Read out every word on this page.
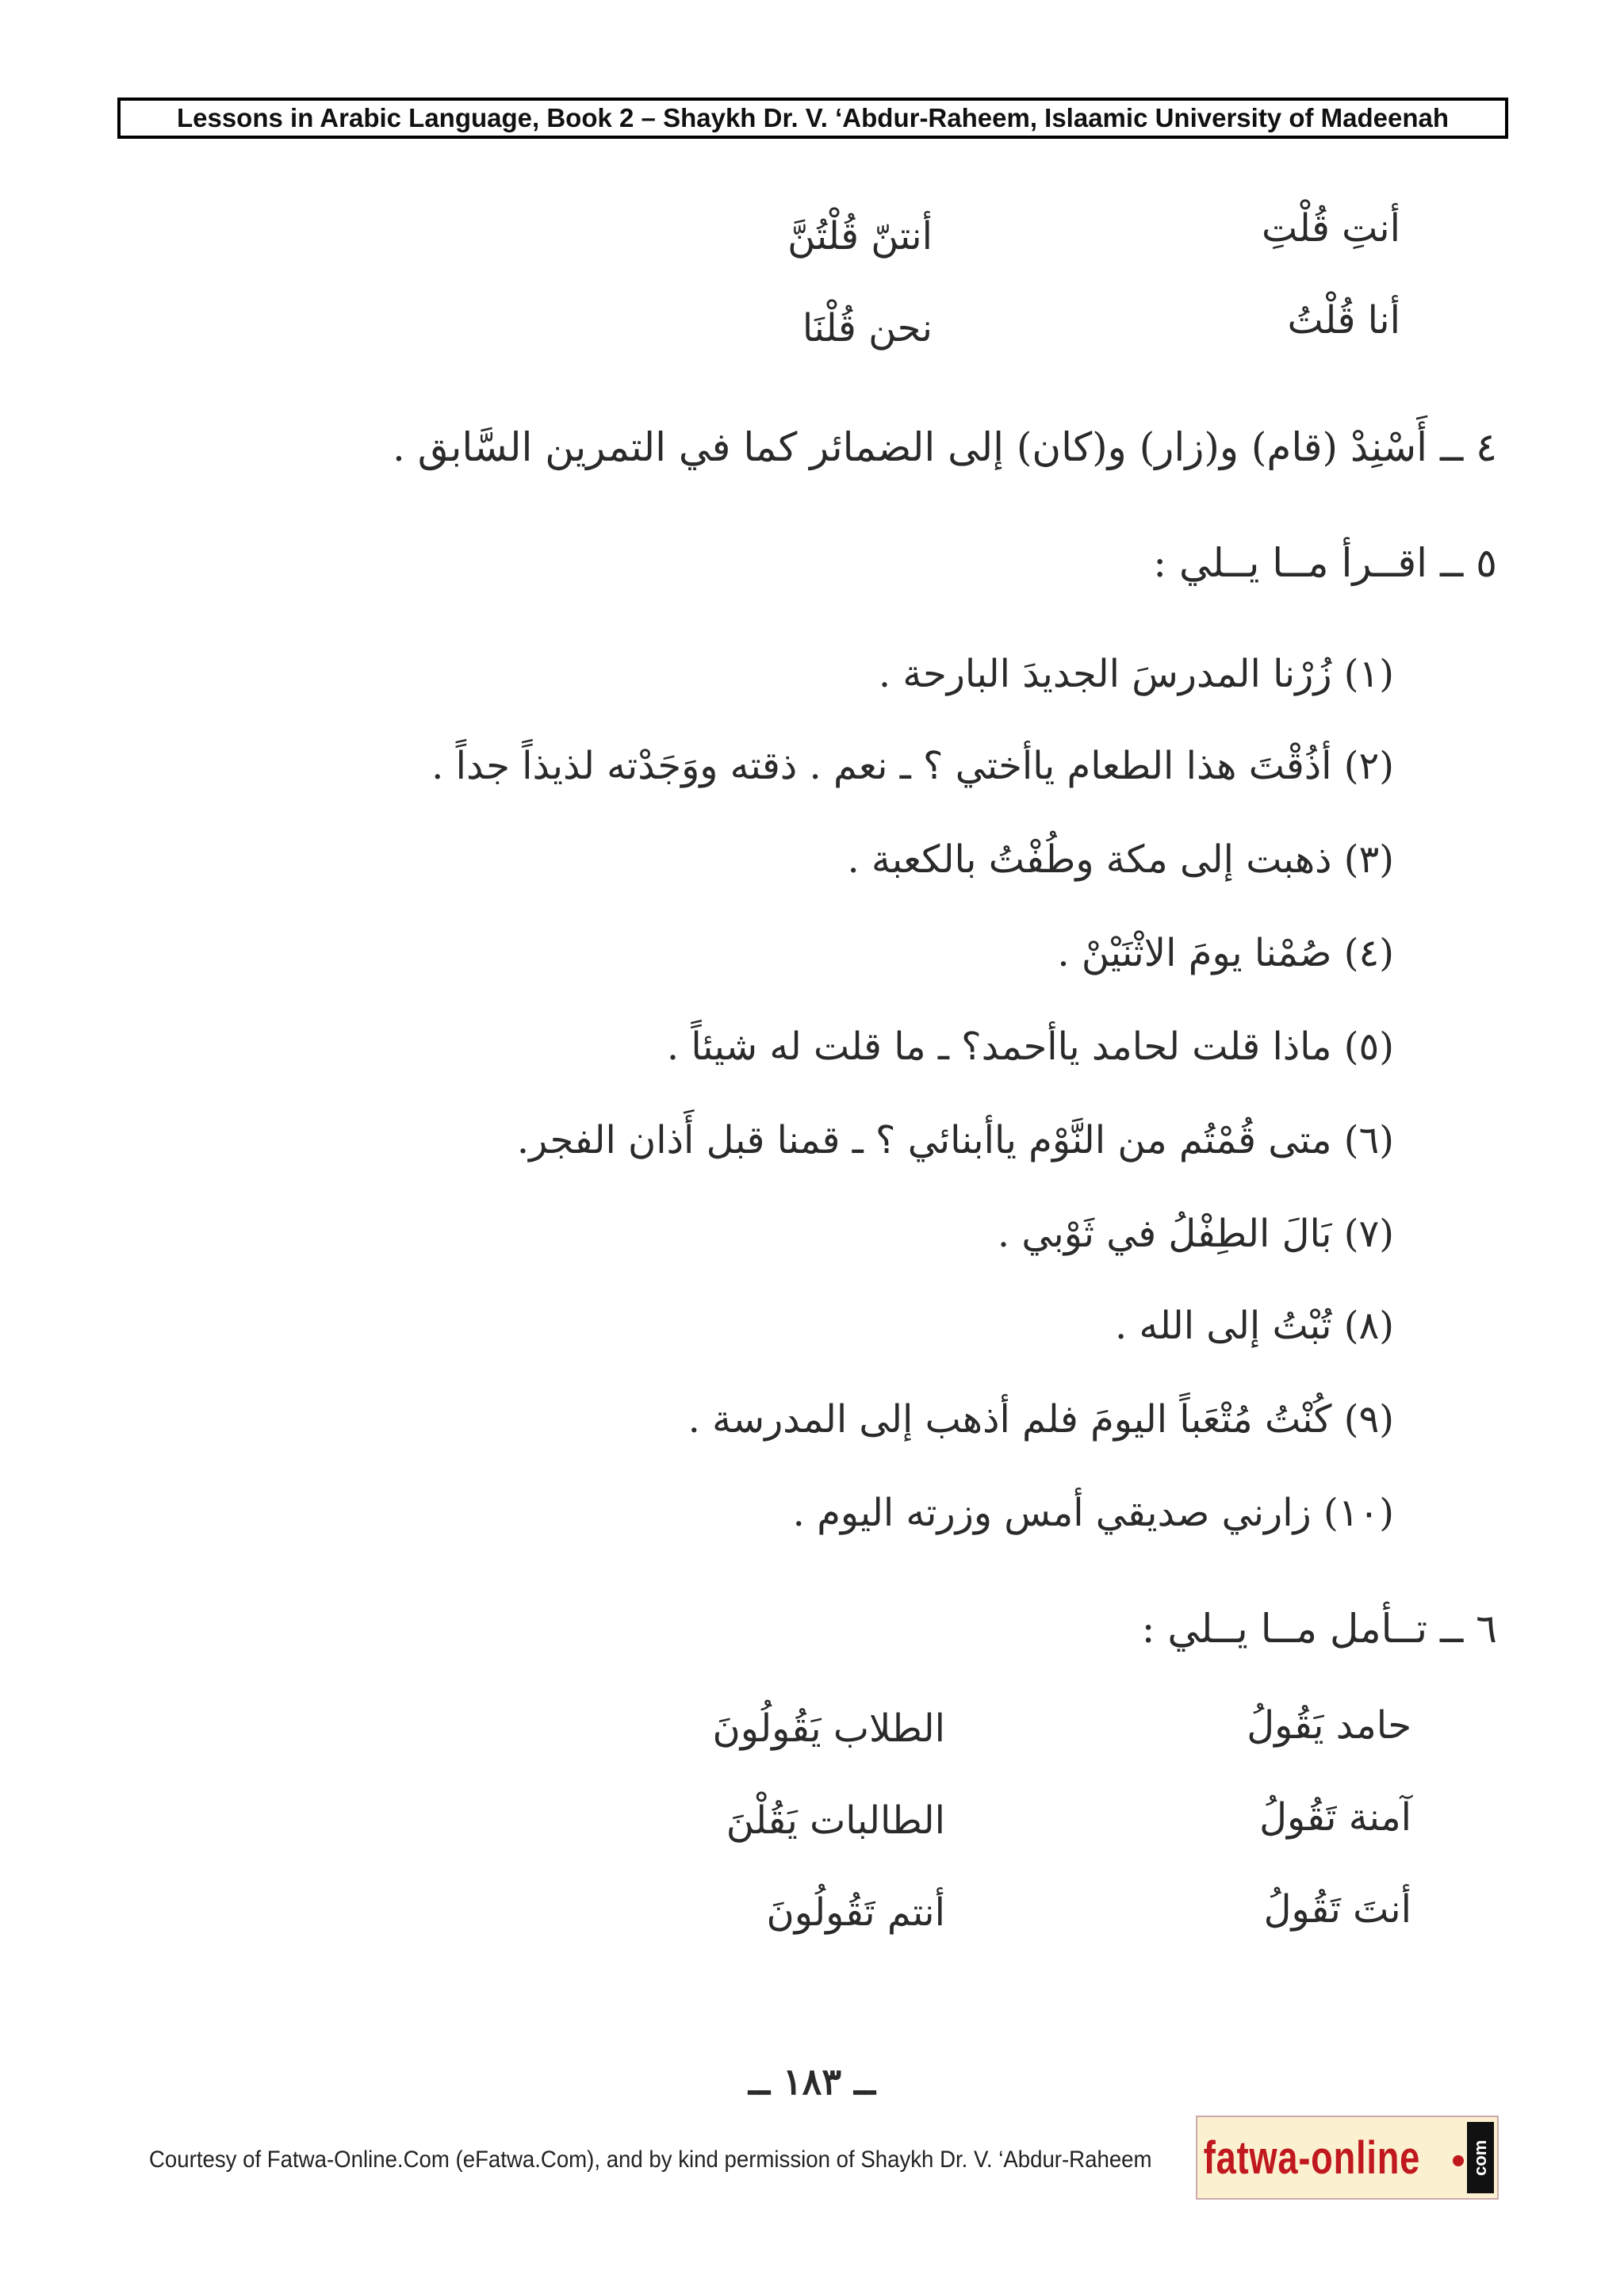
Lessons in Arabic Language, Book 2 – Shaykh Dr. V. ‘Abdur-Raheem, Islaamic University of Madeenah
أنتِ قُلْتِ
أنتنّ قُلْتُنَّ
أنا قُلْتُ
نحن قُلْنَا
٤ ــ أَسْنِدْ (قام) و(زار) و(كان) إلى الضمائر كما في التمرين السَّابق .
٥ ــ اقــرأ مــا يــلي :
(١) زُرْنا المدرسَ الجديدَ البارحة .
(٢) أذُقْتَ هذا الطعام ياأختي ؟ ـ نعم . ذقته ووَجَدْته لذيذاً جداً .
(٣) ذهبت إلى مكة وطُفْتُ بالكعبة .
(٤) صُمْنا يومَ الاثْنَيْنْ .
(٥) ماذا قلت لحامد ياأحمد؟ ـ ما قلت له شيئاً .
(٦) متى قُمْتُم من النَّوْم ياأبنائي ؟ ـ قمنا قبل أَذان الفجر.
(٧) بَالَ الطِفْلُ في ثَوْبي .
(٨) تُبْتُ إلى الله .
(٩) كُنْتُ مُتْعَباً اليومَ فلم أذهب إلى المدرسة .
(١٠) زارني صديقي أمس وزرته اليوم .
٦ ــ تــأمل مــا يــلي :
حامد يَقُولُ
الطلاب يَقُولُونَ
آمنة تَقُولُ
الطالبات يَقُلْنَ
أنتَ تَقُولُ
أنتم تَقُولُونَ
ــ ١٨٣ ــ
Courtesy of Fatwa-Online.Com (eFatwa.Com), and by kind permission of Shaykh Dr. V. ‘Abdur-Raheem fatwa-online	com
